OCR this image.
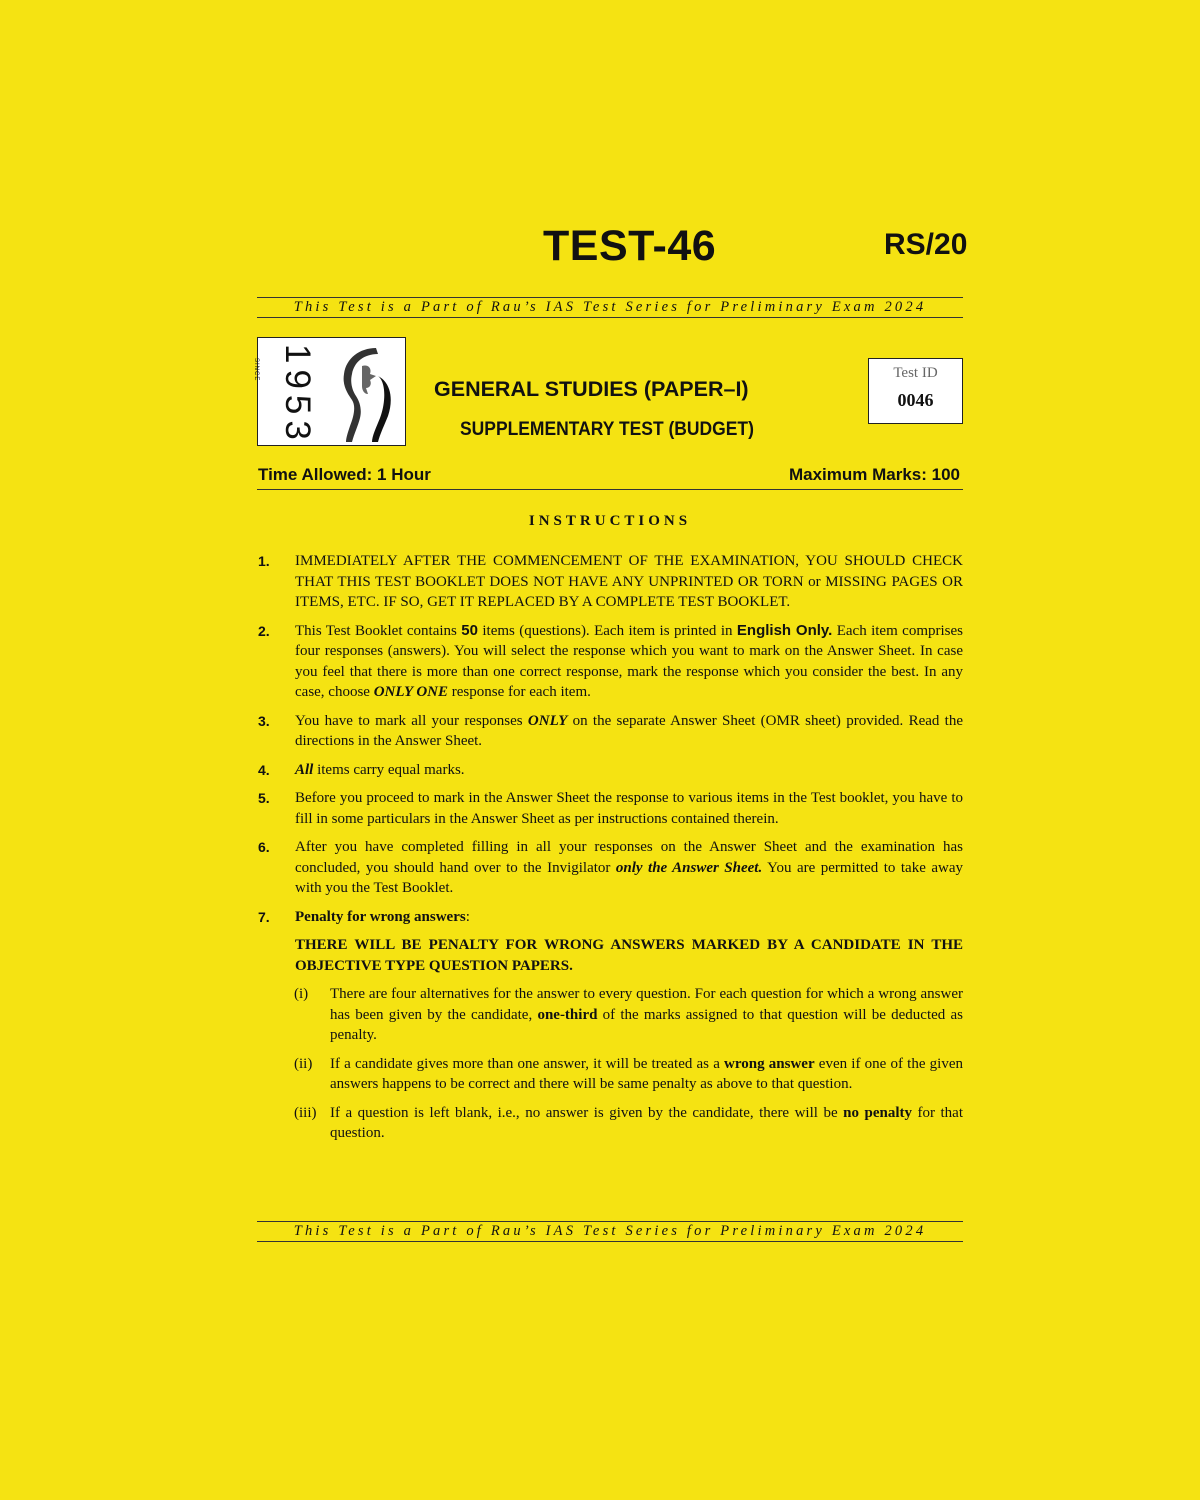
TEST-46	RS/20
This Test is a Part of Rau’s IAS Test Series for Preliminary Exam 2024
SINCE 1953	GENERAL STUDIES (PAPER–I)
SUPPLEMENTARY TEST (BUDGET)
Test ID
0046
Time Allowed: 1 Hour	Maximum Marks: 100
INSTRUCTIONS
1. IMMEDIATELY AFTER THE COMMENCEMENT OF THE EXAMINATION, YOU SHOULD CHECK THAT THIS TEST BOOKLET DOES NOT HAVE ANY UNPRINTED OR TORN or MISSING PAGES OR ITEMS, ETC. IF SO, GET IT REPLACED BY A COMPLETE TEST BOOKLET.
2. This Test Booklet contains 50 items (questions). Each item is printed in English Only. Each item comprises four responses (answers). You will select the response which you want to mark on the Answer Sheet. In case you feel that there is more than one correct response, mark the response which you consider the best. In any case, choose ONLY ONE response for each item.
3. You have to mark all your responses ONLY on the separate Answer Sheet (OMR sheet) provided. Read the directions in the Answer Sheet.
4. All items carry equal marks.
5. Before you proceed to mark in the Answer Sheet the response to various items in the Test booklet, you have to fill in some particulars in the Answer Sheet as per instructions contained therein.
6. After you have completed filling in all your responses on the Answer Sheet and the examination has concluded, you should hand over to the Invigilator only the Answer Sheet. You are permitted to take away with you the Test Booklet.
7. Penalty for wrong answers:
THERE WILL BE PENALTY FOR WRONG ANSWERS MARKED BY A CANDIDATE IN THE OBJECTIVE TYPE QUESTION PAPERS.
(i) There are four alternatives for the answer to every question. For each question for which a wrong answer has been given by the candidate, one-third of the marks assigned to that question will be deducted as penalty.
(ii) If a candidate gives more than one answer, it will be treated as a wrong answer even if one of the given answers happens to be correct and there will be same penalty as above to that question.
(iii) If a question is left blank, i.e., no answer is given by the candidate, there will be no penalty for that question.
This Test is a Part of Rau’s IAS Test Series for Preliminary Exam 2024
